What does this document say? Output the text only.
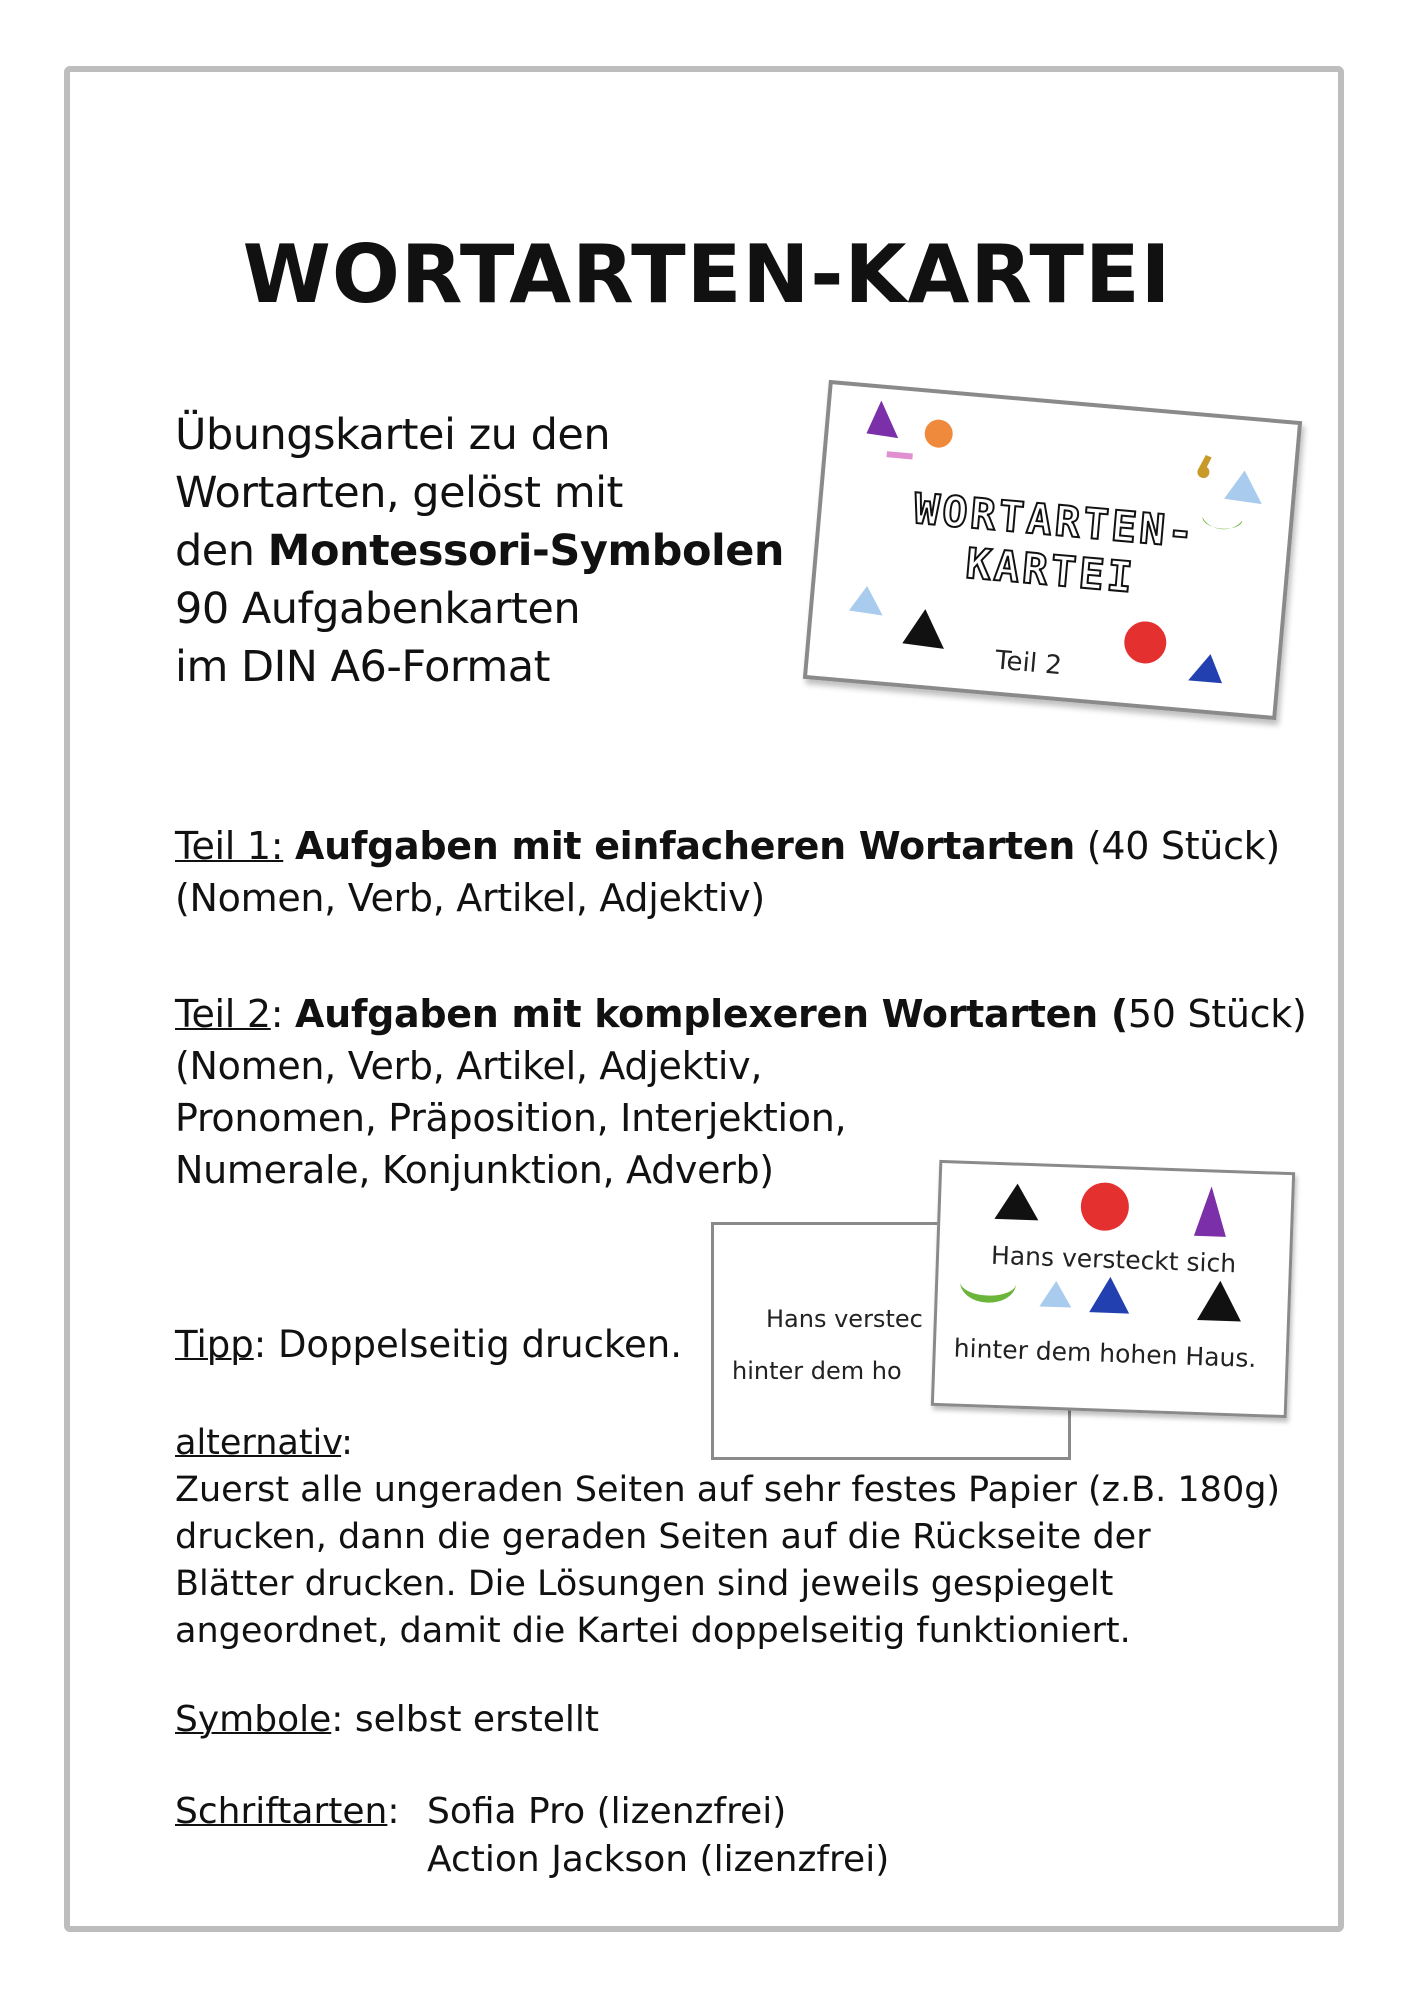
WORTARTEN-KARTEI
Übungskartei zu den
Wortarten, gelöst mit
den Montessori-Symbolen
90 Aufgabenkarten
im DIN A6-Format
WORTARTEN-
KARTEI
Teil 2
Teil 1: Aufgaben mit einfacheren Wortarten (40 Stück)
(Nomen, Verb, Artikel, Adjektiv)
Teil 2: Aufgaben mit komplexeren Wortarten (50 Stück)
(Nomen, Verb, Artikel, Adjektiv,
Pronomen, Präposition, Interjektion,
Numerale, Konjunktion, Adverb)
Hans verstec
hinter dem ho
Hans versteckt sich
hinter dem hohen Haus.
Tipp: Doppelseitig drucken.
alternativ:
Zuerst alle ungeraden Seiten auf sehr festes Papier (z.B. 180g)
drucken, dann die geraden Seiten auf die Rückseite der
Blätter drucken. Die Lösungen sind jeweils gespiegelt
angeordnet, damit die Kartei doppelseitig funktioniert.
Symbole: selbst erstellt
Schriftarten: Sofia Pro (lizenzfrei)
Action Jackson (lizenzfrei)
